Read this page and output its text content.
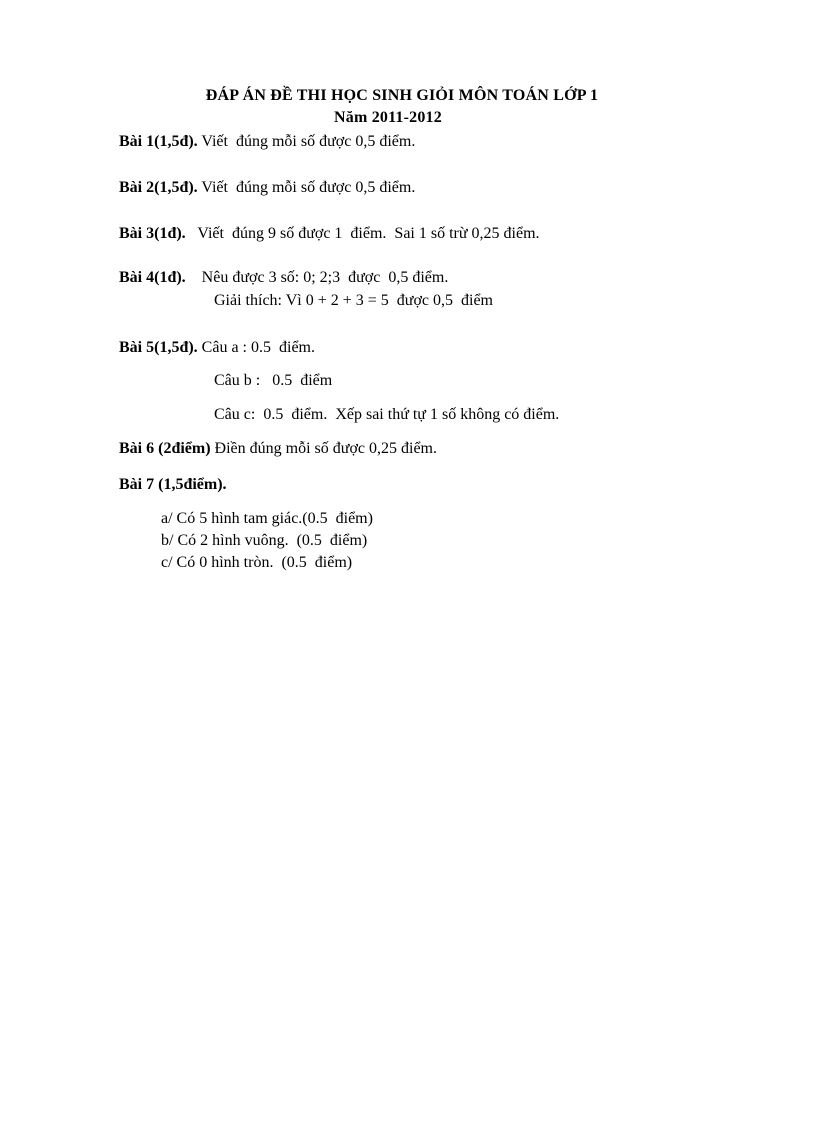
ĐÁP ÁN ĐỀ THI HỌC SINH GIỎI MÔN TOÁN LỚP 1
Năm 2011-2012
Bài 1(1,5đ). Viết  đúng mỗi số được 0,5 điểm.
Bài 2(1,5đ). Viết  đúng mỗi số được 0,5 điểm.
Bài 3(1đ).   Viết  đúng 9 số được 1  điểm.  Sai 1 số trừ 0,25 điểm.
Bài 4(1đ).    Nêu được 3 số: 0; 2;3  được  0,5 điểm.
Giải thích: Vì 0 + 2 + 3 = 5  được 0,5  điểm
Bài 5(1,5đ). Câu a : 0.5  điểm.
Câu b :   0.5  điểm
Câu c:  0.5  điểm.  Xếp sai thứ tự 1 số không có điểm.
Bài 6 (2điểm) Điền đúng mỗi số được 0,25 điểm.
Bài 7 (1,5điểm).
a/ Có 5 hình tam giác.(0.5  điểm)
b/ Có 2 hình vuông.  (0.5  điểm)
c/ Có 0 hình tròn.  (0.5  điểm)
